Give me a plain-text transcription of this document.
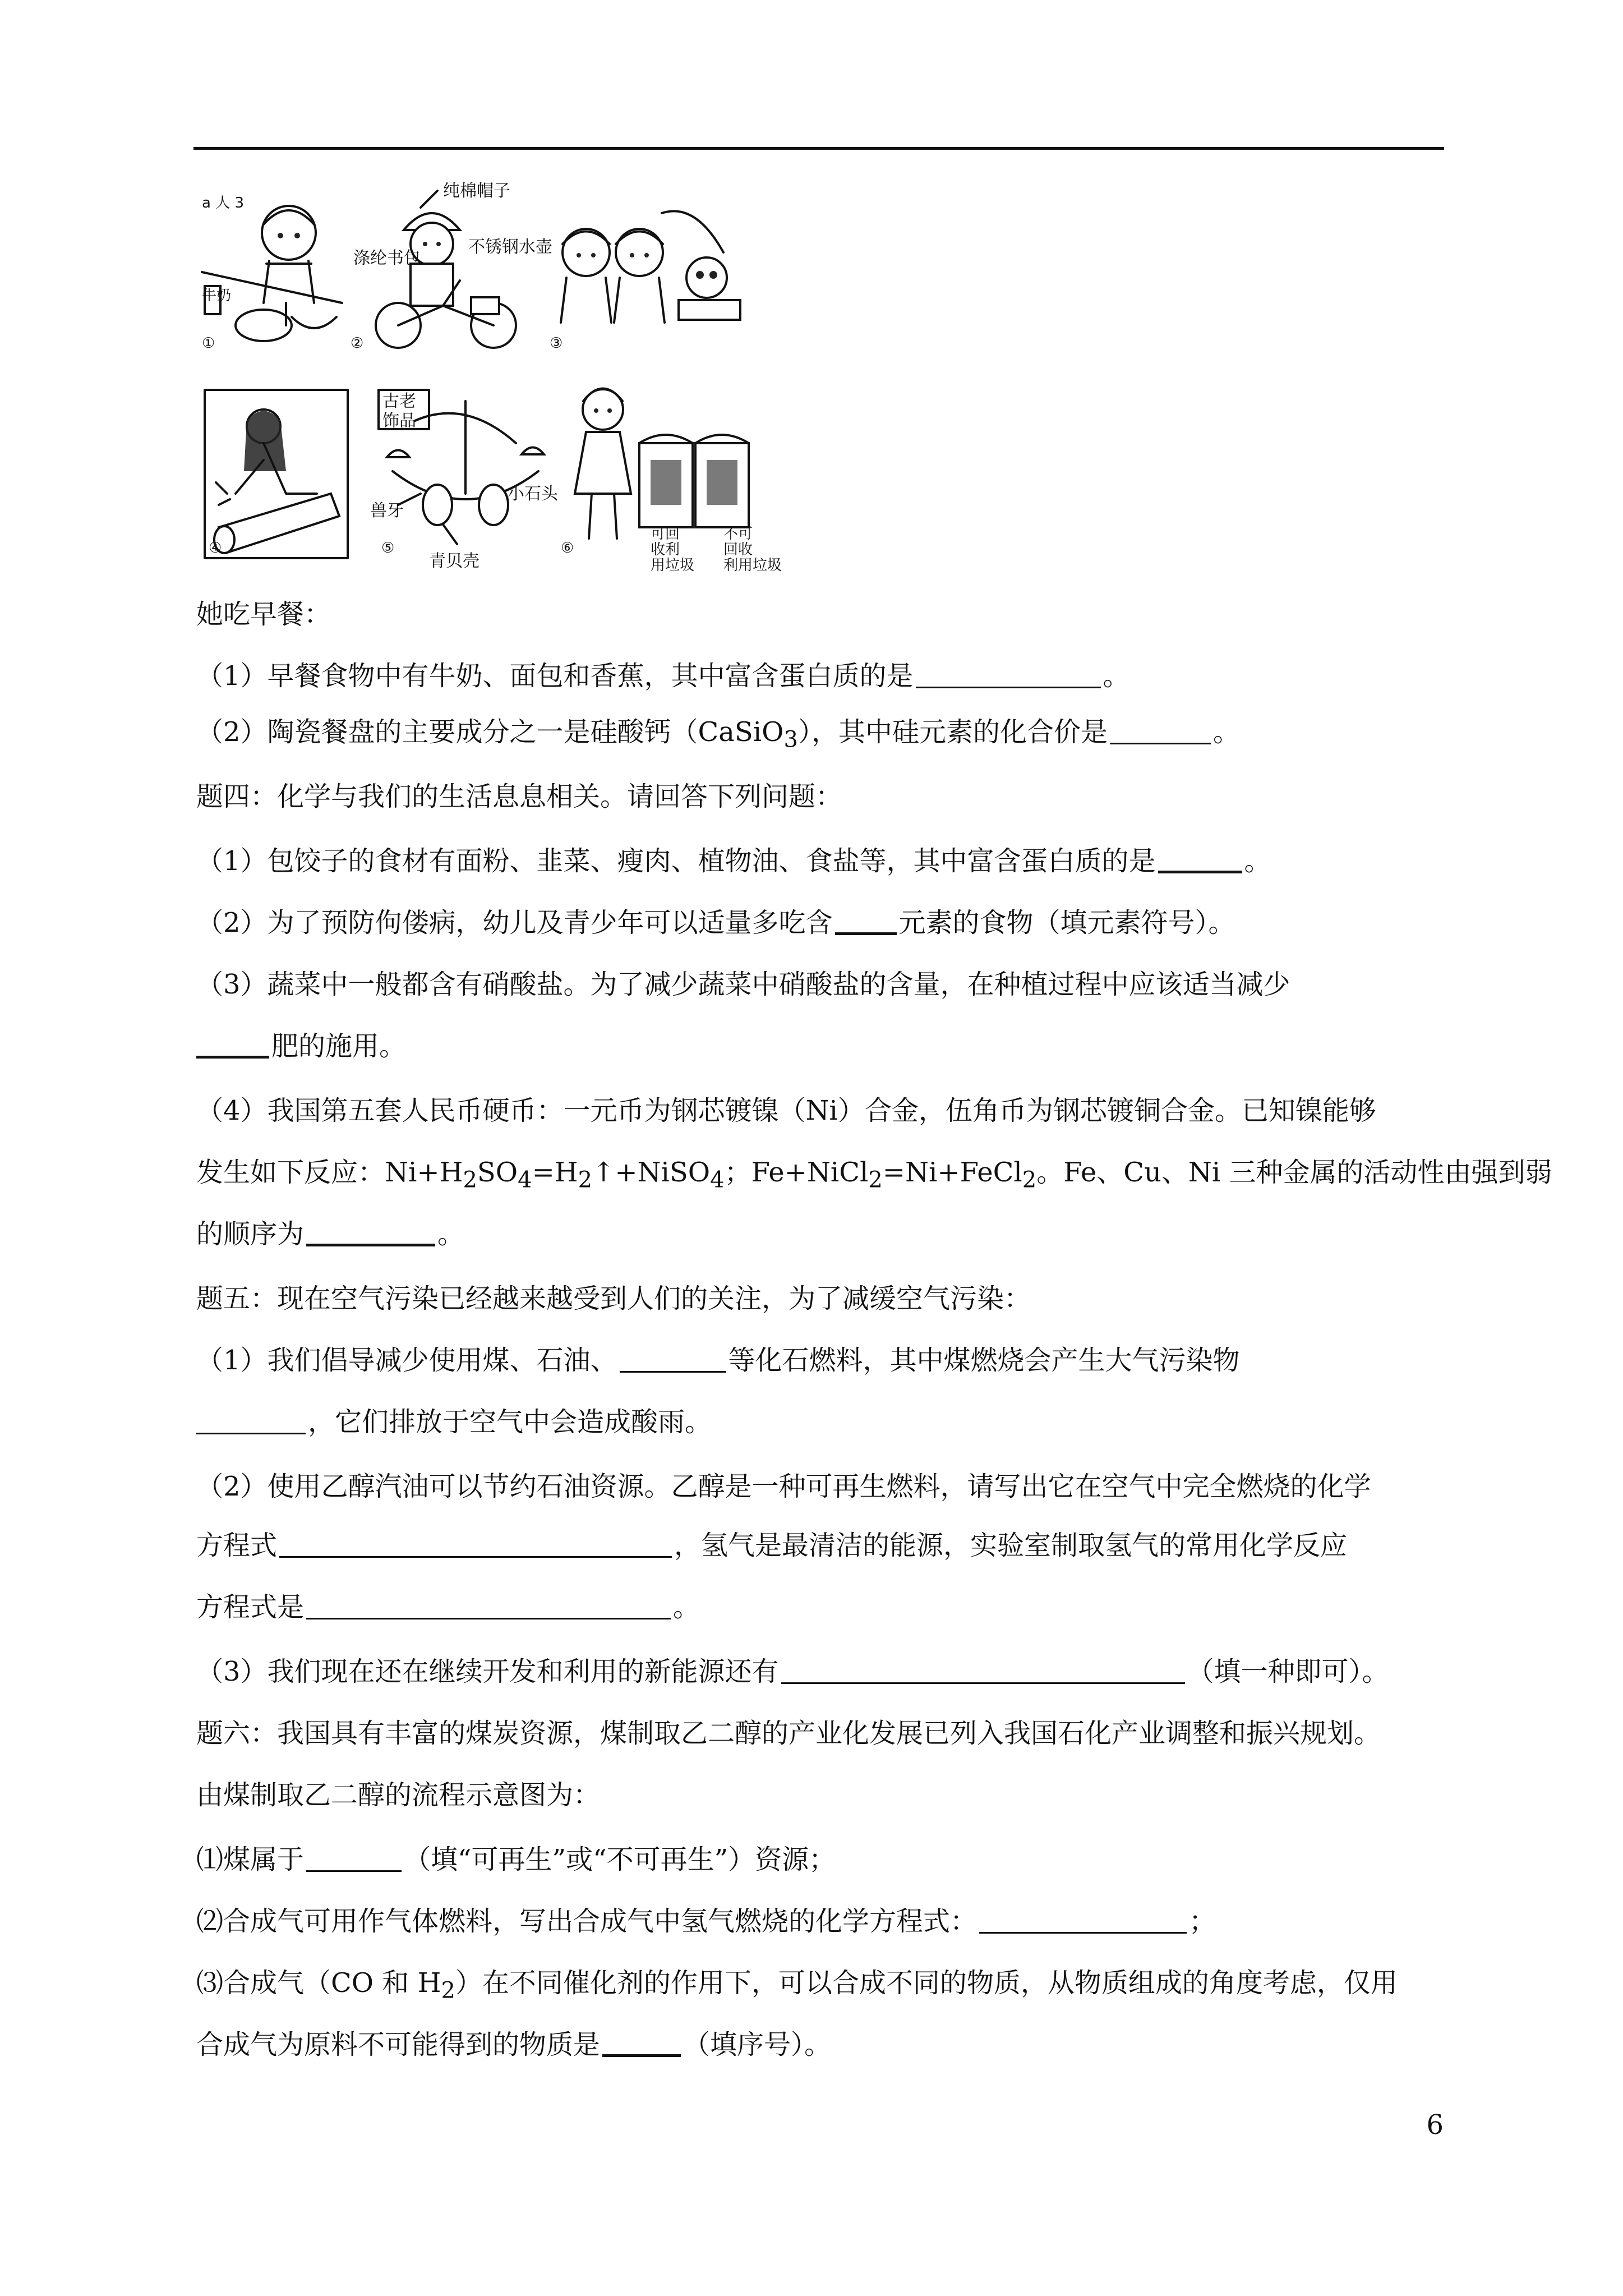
a 人 3
牛奶
①
纯棉帽子
涤纶书包
不锈钢水壶
②	③
④
古老
饰品
兽牙
小石头
青贝壳
⑤
可回
收利
用垃圾
不可
回收
利用垃圾
⑥
她吃早餐：
（1）早餐食物中有牛奶、面包和香蕉，其中富含蛋白质的是	。
（2）陶瓷餐盘的主要成分之一是硅酸钙（CaSiO$_3$），其中硅元素的化合价是	。
题四：化学与我们的生活息息相关。请回答下列问题：
（1）包饺子的食材有面粉、韭菜、瘦肉、植物油、食盐等，其中富含蛋白质的是	。
（2）为了预防佝偻病，幼儿及青少年可以适量多吃含 元素的食物（填元素符号）。
（3）蔬菜中一般都含有硝酸盐。为了减少蔬菜中硝酸盐的含量，在种植过程中应该适当减少
肥的施用。
（4）我国第五套人民币硬币：一元币为钢芯镀镍（Ni）合金，伍角币为钢芯镀铜合金。已知镍能够
发生如下反应：$Ni+H_2SO_4=H_2↑+NiSO_4$；Fe+NiCl$_2$=Ni+FeCl$_2$。Fe、Cu、Ni 三种金属的活动性由强到弱
的顺序为	。
题五：现在空气污染已经越来越受到人们的关注，为了减缓空气污染：
（1）我们倡导减少使用煤、石油、	等化石燃料，其中煤燃烧会产生大气污染物
，它们排放于空气中会造成酸雨。
（2）使用乙醇汽油可以节约石油资源。乙醇是一种可再生燃料，请写出它在空气中完全燃烧的化学
方程式	，氢气是最清洁的能源，实验室制取氢气的常用化学反应
方程式是	。
（3）我们现在还在继续开发和利用的新能源还有	（填一种即可）。
题六：我国具有丰富的煤炭资源，煤制取乙二醇的产业化发展已列入我国石化产业调整和振兴规划。
由煤制取乙二醇的流程示意图为：
⑴煤属于	（填“可再生”或“不可再生”）资源；
⑵合成气可用作气体燃料，写出合成气中氢气燃烧的化学方程式：	；
⑶合成气（CO 和 $H_2$）在不同催化剂的作用下，可以合成不同的物质，从物质组成的角度考虑，仅用
合成气为原料不可能得到的物质是	（填序号）。
6
